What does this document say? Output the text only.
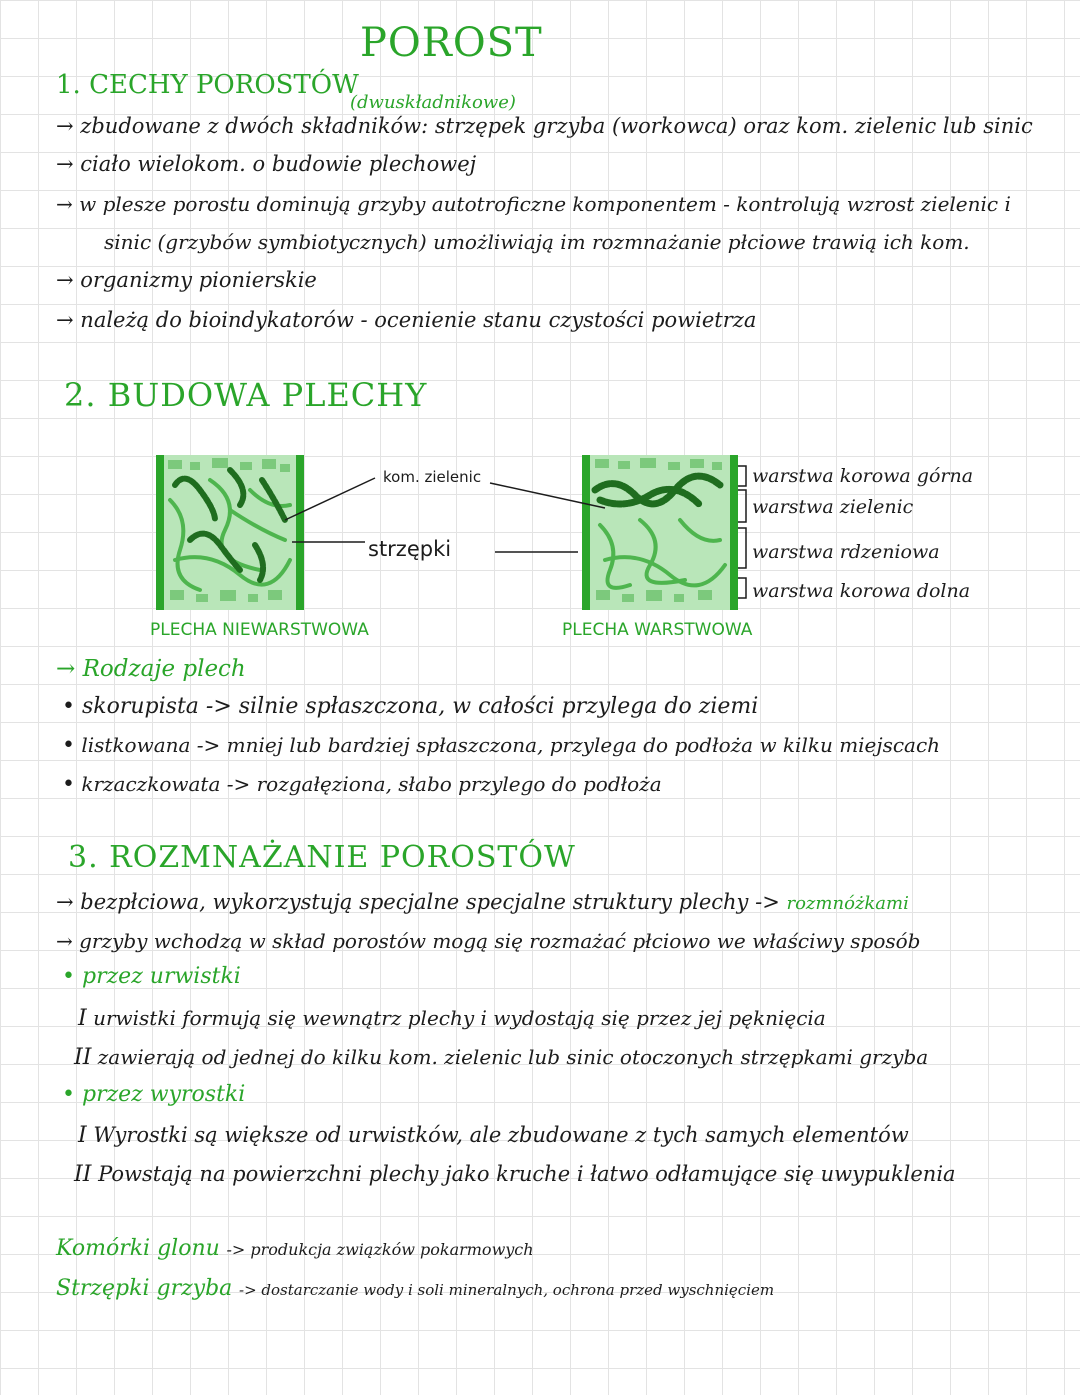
POROST
1. CECHY POROSTÓW
(dwuskładnikowe)
→ zbudowane z dwóch składników: strzępek grzyba (workowca) oraz kom. zielenic lub sinic
→ ciało wielokom. o budowie plechowej
→ w plesze porostu dominują grzyby autotroficzne komponentem - kontrolują wzrost zielenic i
sinic (grzybów symbiotycznych) umożliwiają im rozmnażanie płciowe trawią ich kom.
→ organizmy pionierskie
→ należą do bioindykatorów - ocenienie stanu czystości powietrza
2. BUDOWA PLECHY
kom. zielenic
strzępki
warstwa korowa górna
warstwa zielenic
warstwa rdzeniowa
warstwa korowa dolna
PLECHA NIEWARSTWOWA	PLECHA WARSTWOWA
→ Rodzaje plech
• skorupista -> silnie spłaszczona, w całości przylega do ziemi
• listkowana -> mniej lub bardziej spłaszczona, przylega do podłoża w kilku miejscach
• krzaczkowata -> rozgałęziona, słabo przylego do podłoża
3. ROZMNAŻANIE POROSTÓW
→ bezpłciowa, wykorzystują specjalne specjalne struktury plechy -> rozmnóżkami
→ grzyby wchodzą w skład porostów mogą się rozmażać płciowo we właściwy sposób
• przez urwistki
I urwistki formują się wewnątrz plechy i wydostają się przez jej pęknięcia
II zawierają od jednej do kilku kom. zielenic lub sinic otoczonych strzępkami grzyba
• przez wyrostki
I Wyrostki są większe od urwistków, ale zbudowane z tych samych elementów
II Powstają na powierzchni plechy jako kruche i łatwo odłamujące się uwypuklenia
Komórki glonu -> produkcja związków pokarmowych
Strzępki grzyba -> dostarczanie wody i soli mineralnych, ochrona przed wyschnięciem
